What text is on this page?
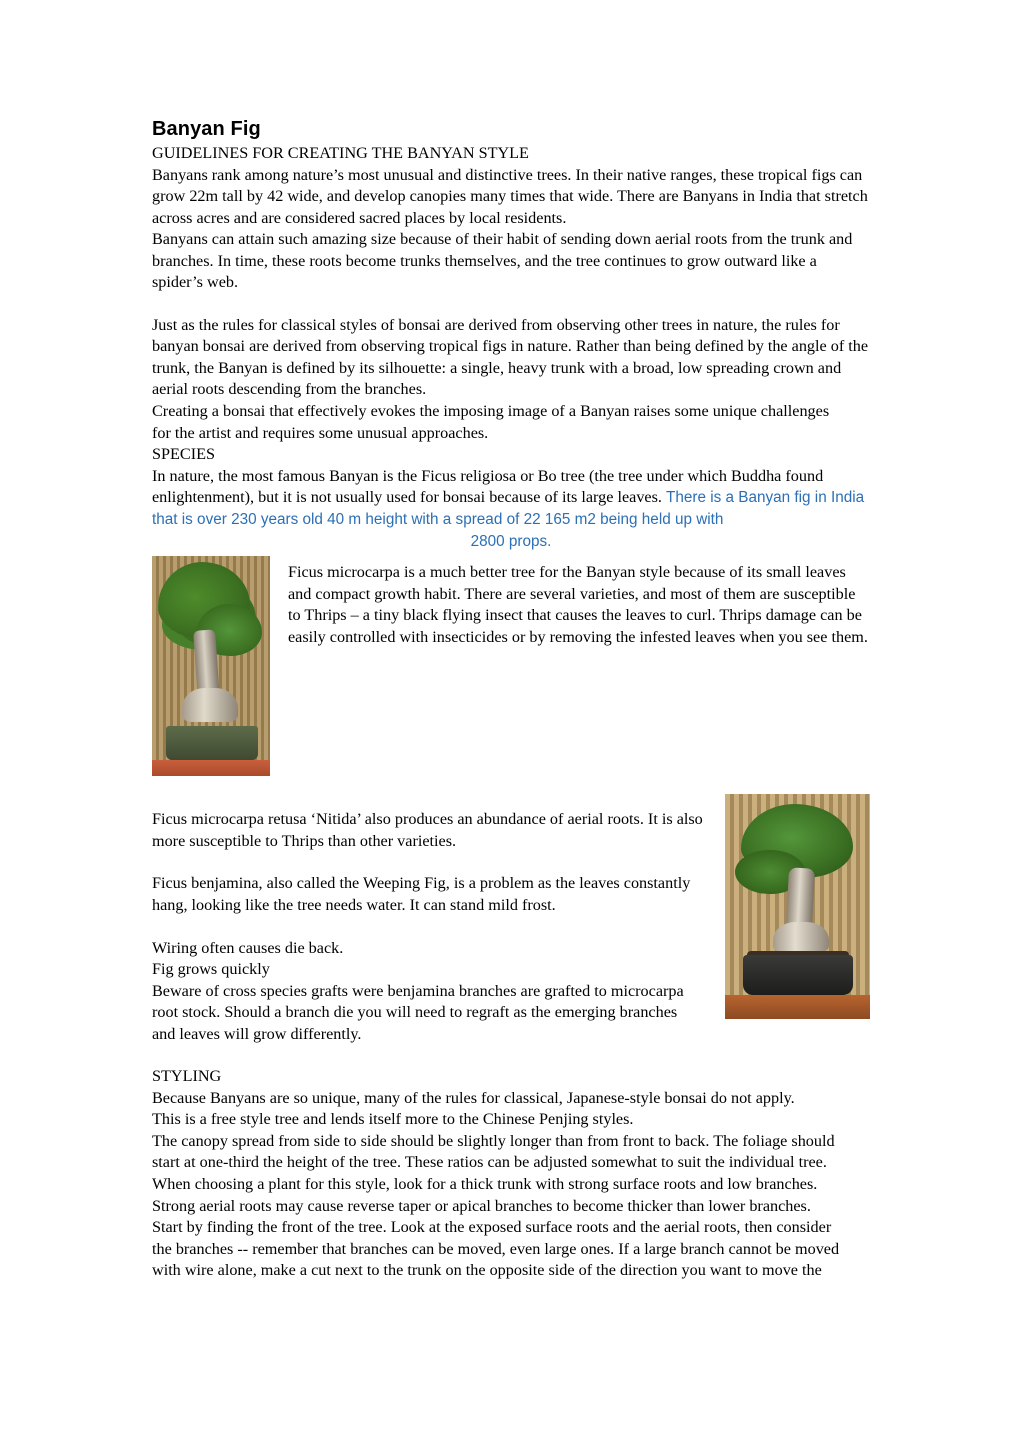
Banyan Fig

GUIDELINES FOR CREATING THE BANYAN STYLE

Banyans rank among nature’s most unusual and distinctive trees. In their native ranges, these tropical figs can grow 22m tall by 42 wide, and develop canopies many times that wide. There are Banyans in India that stretch across acres and are considered sacred places by local residents.

Banyans can attain such amazing size because of their habit of sending down aerial roots from the trunk and branches. In time, these roots become trunks themselves, and the tree continues to grow outward like a

spider’s web.

Just as the rules for classical styles of bonsai are derived from observing other trees in nature, the rules for banyan bonsai are derived from observing tropical figs in nature. Rather than being defined by the angle of the trunk, the Banyan is defined by its silhouette: a single, heavy trunk with a broad, low spreading crown and aerial roots descending from the branches.

Creating a bonsai that effectively evokes the imposing image of a Banyan raises some unique challenges

for the artist and requires some unusual approaches.

SPECIES

In nature, the most famous Banyan is the Ficus religiosa or Bo tree (the tree under which Buddha found enlightenment), but it is not usually used for bonsai because of its large leaves. There is a Banyan fig in India that is over 230 years old 40 m height with a spread of 22 165 m2 being held up with

2800 props.

Ficus microcarpa is a much better tree for the Banyan style because of its small leaves and compact growth habit. There are several varieties, and most of them are susceptible to Thrips – a tiny black flying insect that causes the leaves to curl. Thrips damage can be easily controlled with insecticides or by removing the infested leaves when you see them.

Ficus microcarpa retusa ‘Nitida’ also produces an abundance of aerial roots. It is also more susceptible to Thrips than other varieties.

Ficus benjamina, also called the Weeping Fig, is a problem as the leaves constantly hang, looking like the tree needs water. It can stand mild frost.

Wiring often causes die back.

Fig grows quickly

Beware of cross species grafts were benjamina branches are grafted to microcarpa root stock. Should a branch die you will need to regraft as the emerging branches and leaves will grow differently.

STYLING

Because Banyans are so unique, many of the rules for classical, Japanese-style bonsai do not apply.

This is a free style tree and lends itself more to the Chinese Penjing styles.

The canopy spread from side to side should be slightly longer than from front to back. The foliage should

start at one-third the height of the tree. These ratios can be adjusted somewhat to suit the individual tree.

When choosing a plant for this style, look for a thick trunk with strong surface roots and low branches.

Strong aerial roots may cause reverse taper or apical branches to become thicker than lower branches.

Start by finding the front of the tree. Look at the exposed surface roots and the aerial roots, then consider

the branches -- remember that branches can be moved, even large ones. If a large branch cannot be moved

with wire alone, make a cut next to the trunk on the opposite side of the direction you want to move the
